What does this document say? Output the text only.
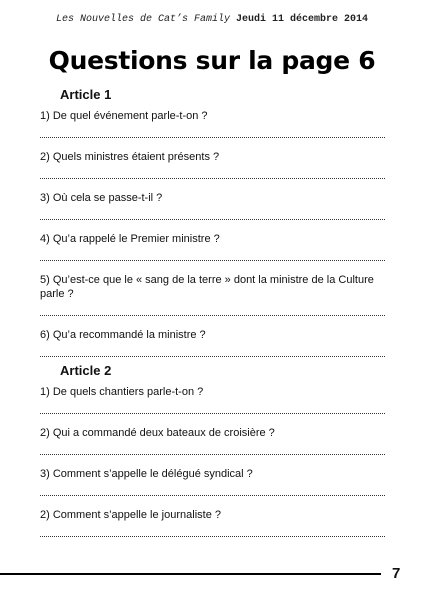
Les Nouvelles de Cat’s Family Jeudi 11 décembre 2014
Questions sur la page 6
Article 1

1) De quel événement parle-t-on ?

2) Quels ministres étaient présents ?

3) Où cela se passe-t-il ?

4) Qu’a rappelé le Premier ministre ?

5) Qu’est-ce que le « sang de la terre » dont la ministre de la Culture parle ?

6) Qu’a recommandé la ministre ?

Article 2

1) De quels chantiers parle-t-on ?

2) Qui a commandé deux bateaux de croisière ?

3) Comment s’appelle le délégué syndical ?

2) Comment s’appelle le journaliste ?

7
